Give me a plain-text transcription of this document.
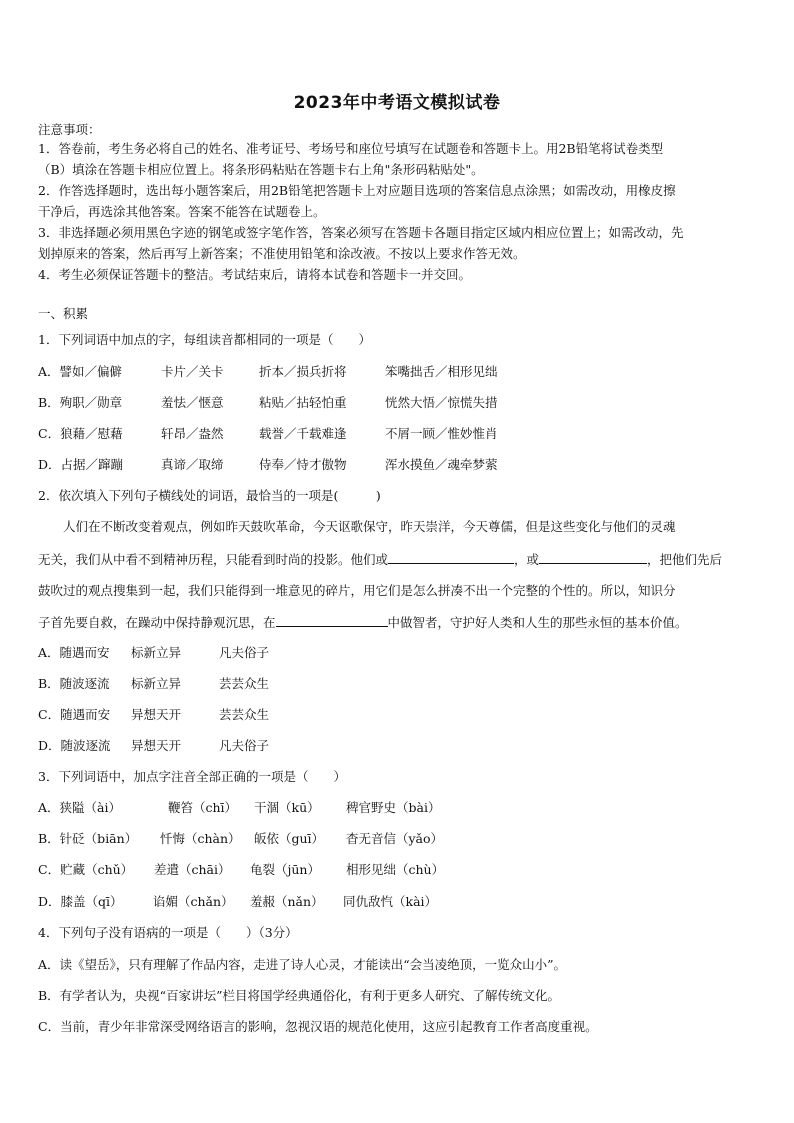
2023年中考语文模拟试卷
注意事项：
1．答卷前，考生务必将自己的姓名、准考证号、考场号和座位号填写在试题卷和答题卡上。用2B铅笔将试卷类型
（B）填涂在答题卡相应位置上。将条形码粘贴在答题卡右上角"条形码粘贴处"。
2．作答选择题时，选出每小题答案后，用2B铅笔把答题卡上对应题目选项的答案信息点涂黑；如需改动，用橡皮擦
干净后，再选涂其他答案。答案不能答在试题卷上。
3．非选择题必须用黑色字迹的钢笔或签字笔作答，答案必须写在答题卡各题目指定区域内相应位置上；如需改动，先
划掉原来的答案，然后再写上新答案；不准使用铅笔和涂改液。不按以上要求作答无效。
4．考生必须保证答题卡的整洁。考试结束后，请将本试卷和答题卡一并交回。
一、积累
1．下列词语中加点的字，每组读音都相同的一项是（　　）
A．譬如／偏僻	卡片／关卡	折本／损兵折将	笨嘴拙舌／相形见绌
B．殉职／勋章	羞怯／惬意	粘贴／拈轻怕重	恍然大悟／惊慌失措
C．狼藉／慰藉	轩昂／盎然	载誉／千载难逢	不屑一顾／惟妙惟肖
D．占据／蹿蹦	真谛／取缔	侍奉／恃才傲物	浑水摸鱼／魂牵梦萦
2．依次填入下列句子横线处的词语，最恰当的一项是(　　　)
　　人们在不断改变着观点，例如昨天鼓吹革命，今天讴歌保守，昨天崇洋，今天尊儒，但是这些变化与他们的灵魂
无关，我们从中看不到精神历程，只能看到时尚的投影。他们或	，或	，把他们先后
鼓吹过的观点搜集到一起，我们只能得到一堆意见的碎片，用它们是怎么拼凑不出一个完整的个性的。所以，知识分
子首先要自救，在躁动中保持静观沉思，在	中做智者，守护好人类和人生的那些永恒的基本价值。
A．随遇而安 标新立异	凡夫俗子
B．随波逐流 标新立异	芸芸众生
C．随遇而安 异想天开	芸芸众生
D．随波逐流 异想天开	凡夫俗子
3．下列词语中，加点字注音全部正确的一项是（　　）
A．狭隘（ài）	鞭笞（chī） 干涸（kū） 稗官野史（bài）
B．针砭（biān） 忏悔（chàn） 皈依（guī） 杳无音信（yǎo）
C．贮藏（chǔ） 差遣（chāi） 龟裂（jūn） 相形见绌（chù）
D．膝盖（qī） 谄媚（chǎn） 羞赧（nǎn） 同仇敌忾（kài）
4．下列句子没有语病的一项是（　　）（3分）
A．读《望岳》，只有理解了作品内容，走进了诗人心灵，才能读出“会当凌绝顶，一览众山小”。
B．有学者认为，央视“百家讲坛”栏目将国学经典通俗化，有利于更多人研究、了解传统文化。
C．当前，青少年非常深受网络语言的影响，忽视汉语的规范化使用，这应引起教育工作者高度重视。
